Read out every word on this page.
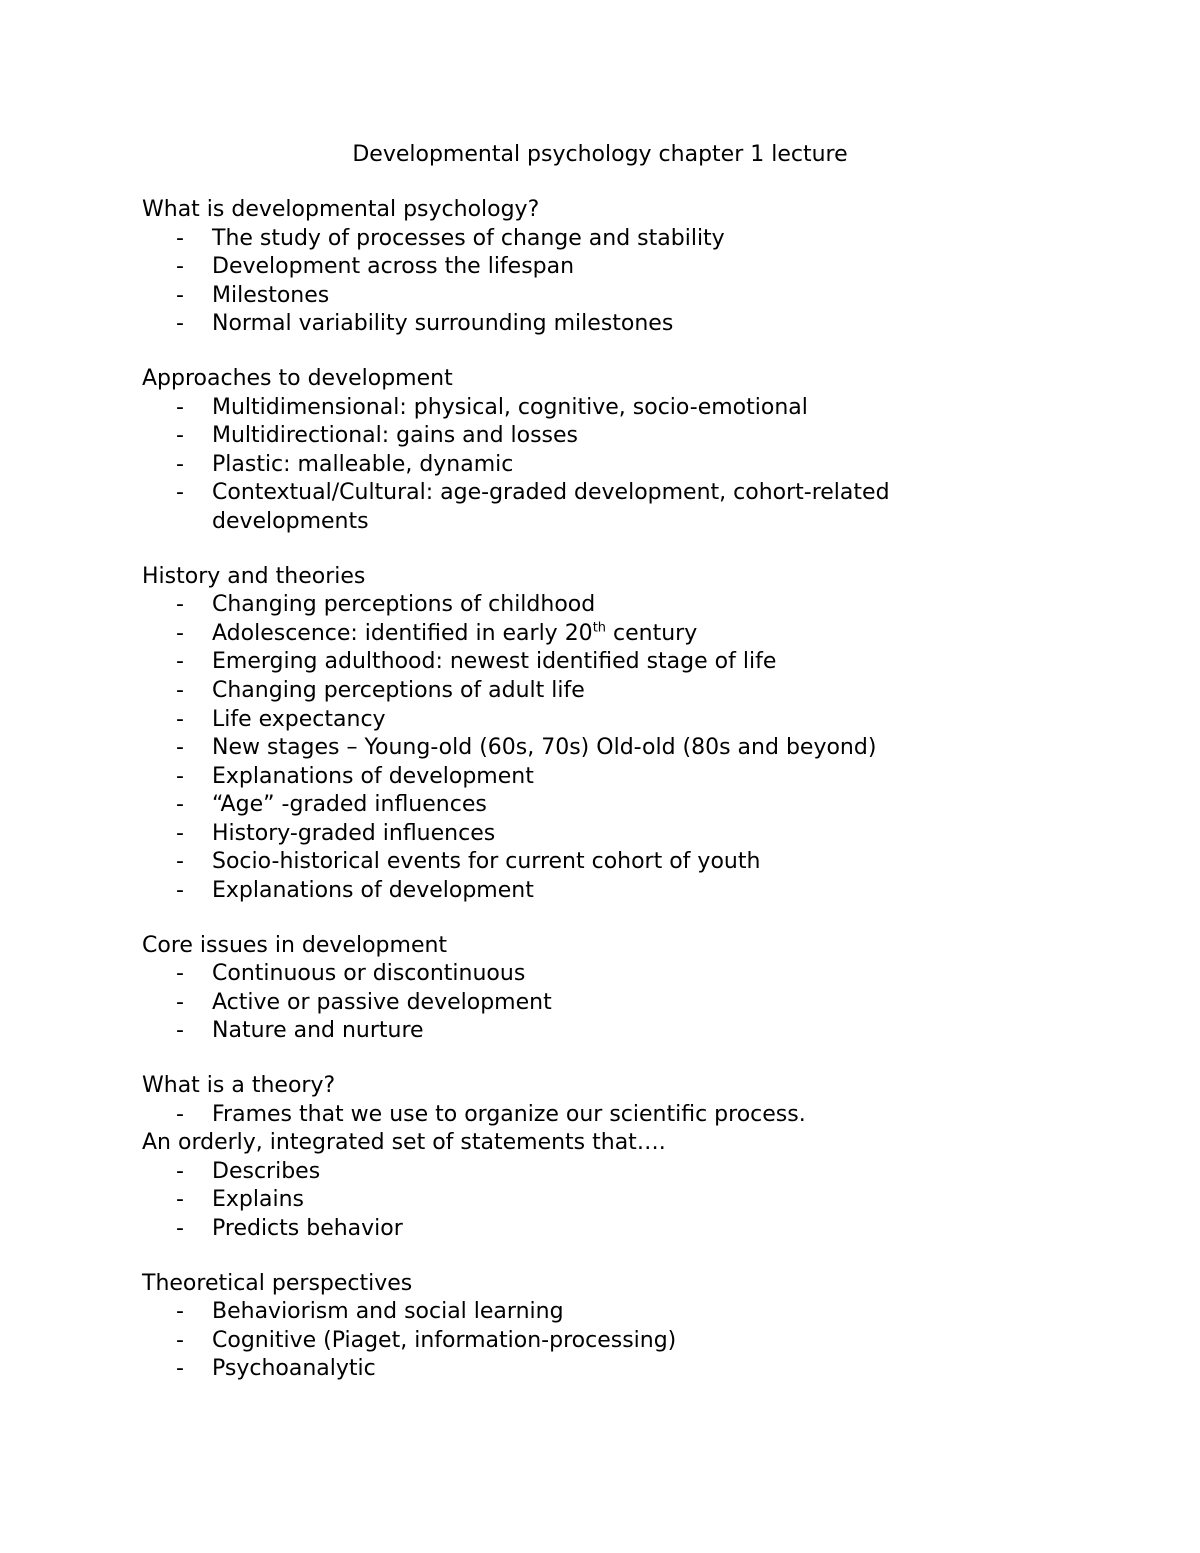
Developmental psychology chapter 1 lecture

What is developmental psychology?

- The study of processes of change and stability
- Development across the lifespan
- Milestones
- Normal variability surrounding milestones

Approaches to development

- Multidimensional: physical, cognitive, socio-emotional
- Multidirectional: gains and losses
- Plastic: malleable, dynamic
- Contextual/Cultural: age-graded development, cohort-related developments

History and theories

- Changing perceptions of childhood
- Adolescence: identified in early 20th century
- Emerging adulthood: newest identified stage of life
- Changing perceptions of adult life
- Life expectancy
- New stages – Young-old (60s, 70s) Old-old (80s and beyond)
- Explanations of development
- “Age” -graded influences
- History-graded influences
- Socio-historical events for current cohort of youth
- Explanations of development

Core issues in development

- Continuous or discontinuous
- Active or passive development
- Nature and nurture

What is a theory?

- Frames that we use to organize our scientific process.

An orderly, integrated set of statements that….

- Describes
- Explains
- Predicts behavior

Theoretical perspectives

- Behaviorism and social learning
- Cognitive (Piaget, information-processing)
- Psychoanalytic
